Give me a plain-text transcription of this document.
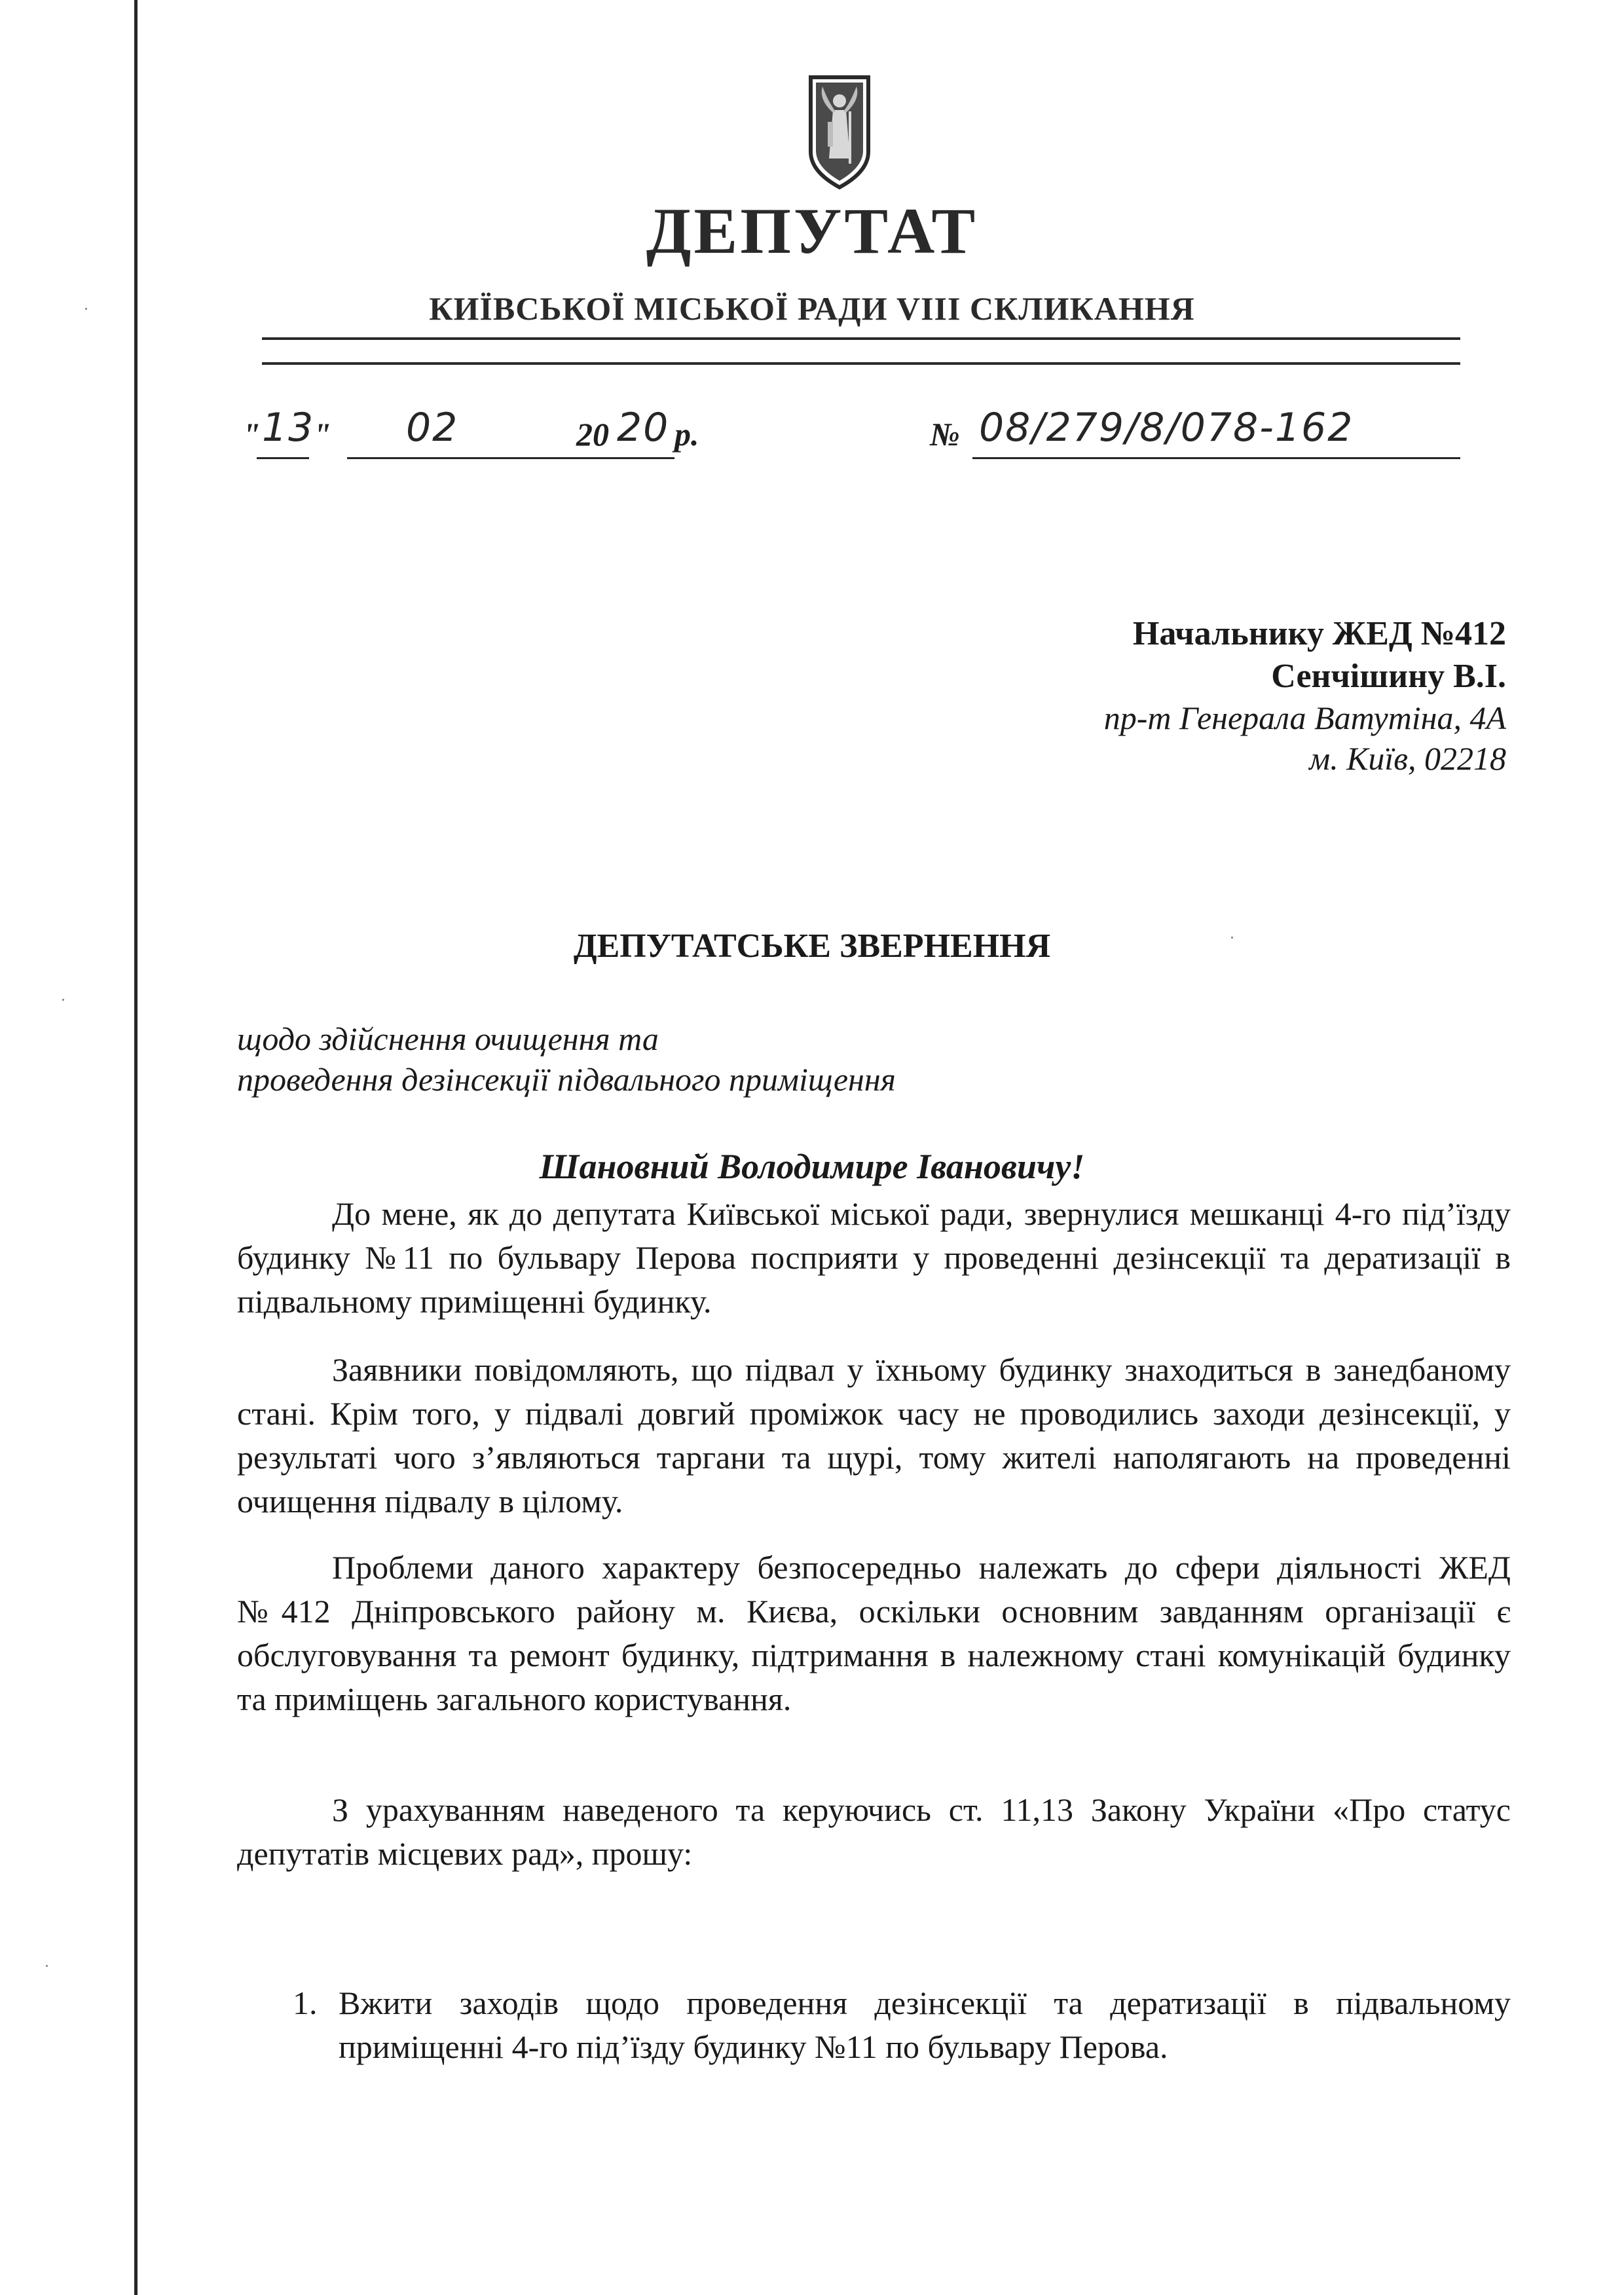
ДЕПУТАТ
КИЇВСЬКОЇ МІСЬКОЇ РАДИ VIII СКЛИКАННЯ
" 13
" 02	20 20 р.	№ 08/279/8/078-162
Начальнику ЖЕД №412
Сенчішину В.І.
пр-т Генерала Ватутіна, 4А
м. Київ, 02218
ДЕПУТАТСЬКЕ ЗВЕРНЕННЯ
щодо здійснення очищення та
проведення дезінсекції підвального приміщення
Шановний Володимире Івановичу!
До мене, як до депутата Київської міської ради, звернулися мешканці 4-го під’їзду будинку №11 по бульвару Перова посприяти у проведенні дезінсекції та дератизації в підвальному приміщенні будинку.
Заявники повідомляють, що підвал у їхньому будинку знаходиться в занедбаному стані. Крім того, у підвалі довгий проміжок часу не проводились заходи дезінсекції, у результаті чого з’являються таргани та щурі, тому жителі наполягають на проведенні очищення підвалу в цілому.
Проблеми даного характеру безпосередньо належать до сфери діяльності ЖЕД №412 Дніпровського району м. Києва, оскільки основним завданням організації є обслуговування та ремонт будинку, підтримання в належному стані комунікацій будинку та приміщень загального користування.
З урахуванням наведеного та керуючись ст. 11,13 Закону України «Про статус депутатів місцевих рад», прошу:
1. Вжити заходів щодо проведення дезінсекції та дератизації в підвальному приміщенні 4-го під’їзду будинку №11 по бульвару Перова.
